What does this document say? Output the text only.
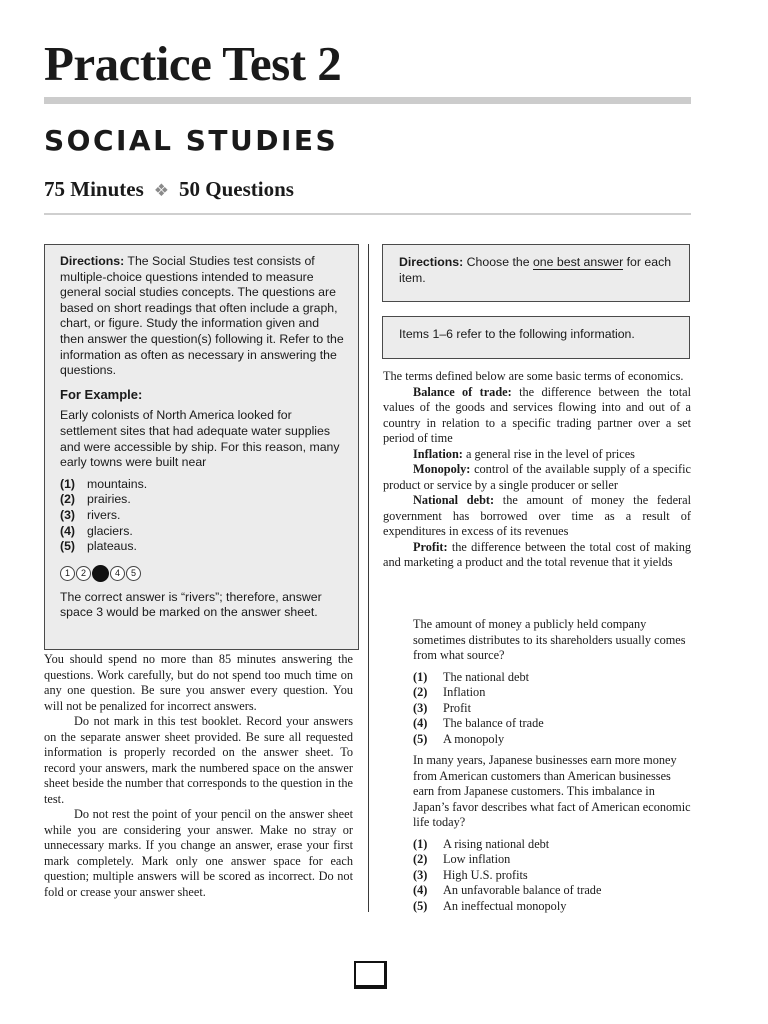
Practice Test 2
SOCIAL STUDIES
75 Minutes ❖ 50 Questions

Directions: The Social Studies test consists of multiple-choice questions intended to measure general social studies concepts. The questions are based on short readings that often include a graph, chart, or figure. Study the information given and then answer the question(s) following it. Refer to the information as often as necessary in answering the questions.

For Example:

Early colonists of North America looked for settlement sites that had adequate water supplies and were accessible by ship. For this reason, many early towns were built near

(1) mountains.
(2) prairies.
(3) rivers.
(4) glaciers.
(5) plateaus.
1	2	4	5

The correct answer is “rivers”; therefore, answer space 3 would be marked on the answer sheet.

You should spend no more than 85 minutes answering the questions. Work carefully, but do not spend too much time on any one question. Be sure you answer every question. You will not be penalized for incorrect answers.

Do not mark in this test booklet. Record your answers on the separate answer sheet provided. Be sure all requested information is properly recorded on the answer sheet. To record your answers, mark the numbered space on the answer sheet beside the number that corresponds to the question in the test.

Do not rest the point of your pencil on the answer sheet while you are considering your answer. Make no stray or unnecessary marks. If you change an answer, erase your first mark completely. Mark only one answer space for each question; multiple answers will be scored as incorrect. Do not fold or crease your answer sheet.

Directions: Choose the one best answer for each item.
Items 1–6 refer to the following information.

The terms defined below are some basic terms of economics.

Balance of trade: the difference between the total values of the goods and services flowing into and out of a country in relation to a specific trading partner over a set period of time

Inflation: a general rise in the level of prices

Monopoly: control of the available supply of a specific product or service by a single producer or seller

National debt: the amount of money the federal government has borrowed over time as a result of expenditures in excess of its revenues

Profit: the difference between the total cost of making and marketing a product and the total revenue that it yields

The amount of money a publicly held company sometimes distributes to its shareholders usually comes from what source?

(1)	The national debt
(2)	Inflation
(3)	Profit
(4)	The balance of trade
(5)	A monopoly

In many years, Japanese businesses earn more money from American customers than American businesses earn from Japanese customers. This imbalance in Japan’s favor describes what fact of American economic life today?

(1)	A rising national debt
(2)	Low inflation
(3)	High U.S. profits
(4)	An unfavorable balance of trade
(5)	An ineffectual monopoly
